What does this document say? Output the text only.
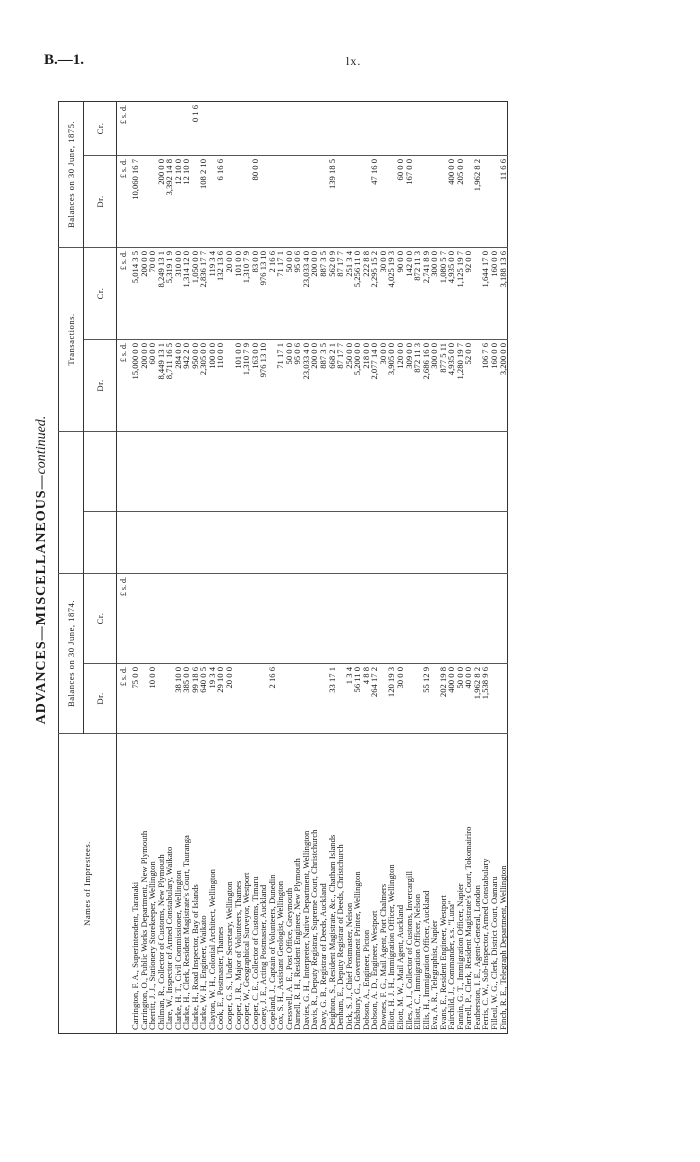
B.—1.	lx.
ADVANCES—MISCELLANEOUS—continued.
Names of Imprestees.	Balances on 30 June, 1874.				Transactions.		Balances on 30 June, 1875.	
	Dr.	Cr.			Dr.	Cr.	Dr.	Cr.
	£ s. d.	£ s. d.			£ s. d.	£ s. d.	£ s. d.	£ s. d.
Carrington, F. A., Superintendent, Taranaki	75 0 0				15,000 0 0	5,014 3 5	10,060 16 7	
Carrington, O., Public Works Department, New Plymouth					200 0 0	200 0 0		
Cherritt, J. J., Stationery Storekeeper, Wellington	10 0 0				60 0 0	70 0 0		
Chilman, R., Collector of Customs, New Plymouth					8,449 13 1	8,249 13 1	200 0 0	
Clare, W., Inspector of Armed Constabulary, Waikato					8,711 16 5	5,319 1 9	3,392 14 8	
Clarke, H. T., Civil Commissioner, Wellington	38 10 0				284 0 0	310 0 0	12 10 0	
Clarke, H., Clerk, Resident Magistrate's Court, Tauranga	385 0 0				942 2 0	1,314 12 0	12 10 0	
Clarke, H., Road Inspector, Bay of Islands	99 18 6				950 0 0	1,050 0 0		0 1 6
Clarke, W. H., Engineer, Waikato	640 0 5				2,305 0 0	2,836 17 7	108 2 10	
Clayton, W. H., Colonial Architect, Wellington	19 3 4				100 0 0	119 3 4		
Cook, E., Postmaster, Thames	29 10 0				110 0 0	132 13 6	6 16 6	
Cooper, G. S., Under Secretary, Wellington	20 0 0					20 0 0		
Cooper, J. R., Major of Volunteers, Thames					101 0 0	101 0 0		
Cooper, W., Geographical Surveyor, Westport					1,310 7 9	1,310 7 9		
Cooper, C. E., Collector of Customs, Timaru					163 0 0	83 0 0	80 0 0	
Coney, J. E., Acting Postmaster, Auckland					976 13 10	976 13 10		
Copeland, J., Captain of Volunteers, Dunedin	2 16 6					2 16 6		
Cox, S. H., Assistant Geologist, Wellington					71 17 1	71 17 1		
Cresswell, A. E., Post Office, Greymouth					50 0 0	50 0 0		
Darnell, R. H., Resident Engineer, New Plymouth					95 0 6	95 0 6		
Davies, G. H., Interpreter, Native Department, Wellington					23,033 4 0	23,033 4 0		
Davis, R., Deputy Registrar, Supreme Court, Christchurch					200 0 0	200 0 0		
Davy, G. B., Registrar of Deeds, Auckland					887 3 5	887 3 5		
Deighton, S., Resident Magistrate, &c., Chatham Islands	33 17 1				668 2 1	562 0 9	139 18 5	
Denham, E., Deputy Registrar of Deeds, Christchurch					87 17 7	87 17 7		
Dick, S. J., Chief Postmaster, Nelson	1 3 4				250 0 0	251 3 4		
Didsbury, G., Government Printer, Wellington	56 11 0				5,200 0 0	5,256 11 0		
Dobson, A., Engineer, Picton	4 8 8				218 0 0	222 8 8		
Dobson, A. D., Engineer, Westport	264 17 2				2,077 14 0	2,295 15 2	47 16 0	
Downes, F. G., Mail Agent, Port Chalmers					30 0 0	30 0 0		
Eliott, H. J. H., Immigration Officer, Wellington	120 19 3				3,905 0 0	4,025 19 3		
Eliott, M. W., Mail Agent, Auckland	30 0 0				120 0 0	90 0 0	60 0 0	
Elles, A. J., Collector of Customs, Invercargill					309 0 0	142 0 0	167 0 0	
Elliott, C., Immigration Officer, Nelson					872 11 3	872 11 3		
Ellis, H., Immigration Officer, Auckland	55 12 9				2,686 16 0	2,741 8 9		
Eva, A. R., Telegraphist, Napier					300 0 0	300 0 0		
Evans, E., Resident Engineer, Westport	202 19 8				877 5 11	1,080 5 7		
Fairchild, J., Commander, s.s. "Luna"	400 0 0				4,935 0 0	4,935 0 0	400 0 0	
Fannin, G. T., Immigration Officer, Napier	50 0 0				1,280 19 7	1,125 19 7	205 0 0	
Farrell, P., Clerk, Resident Magistrate's Court, Tokomairiro	40 0 0				52 0 0	92 0 0		
Featherston, I. E., Agent-General, London	1,962 8 2						1,962 8 2	
Ferris, C. W., Sub-Inspector, Armed Constabulary	1,538 9 6				106 7 6	1,644 17 0		
Filleul, W. G., Clerk, District Court, Oamaru					160 0 0	160 0 0		
Finch, R. E., Telegraph Department, Wellington					3,200 0 0	3,188 13 6	11 6 6	
